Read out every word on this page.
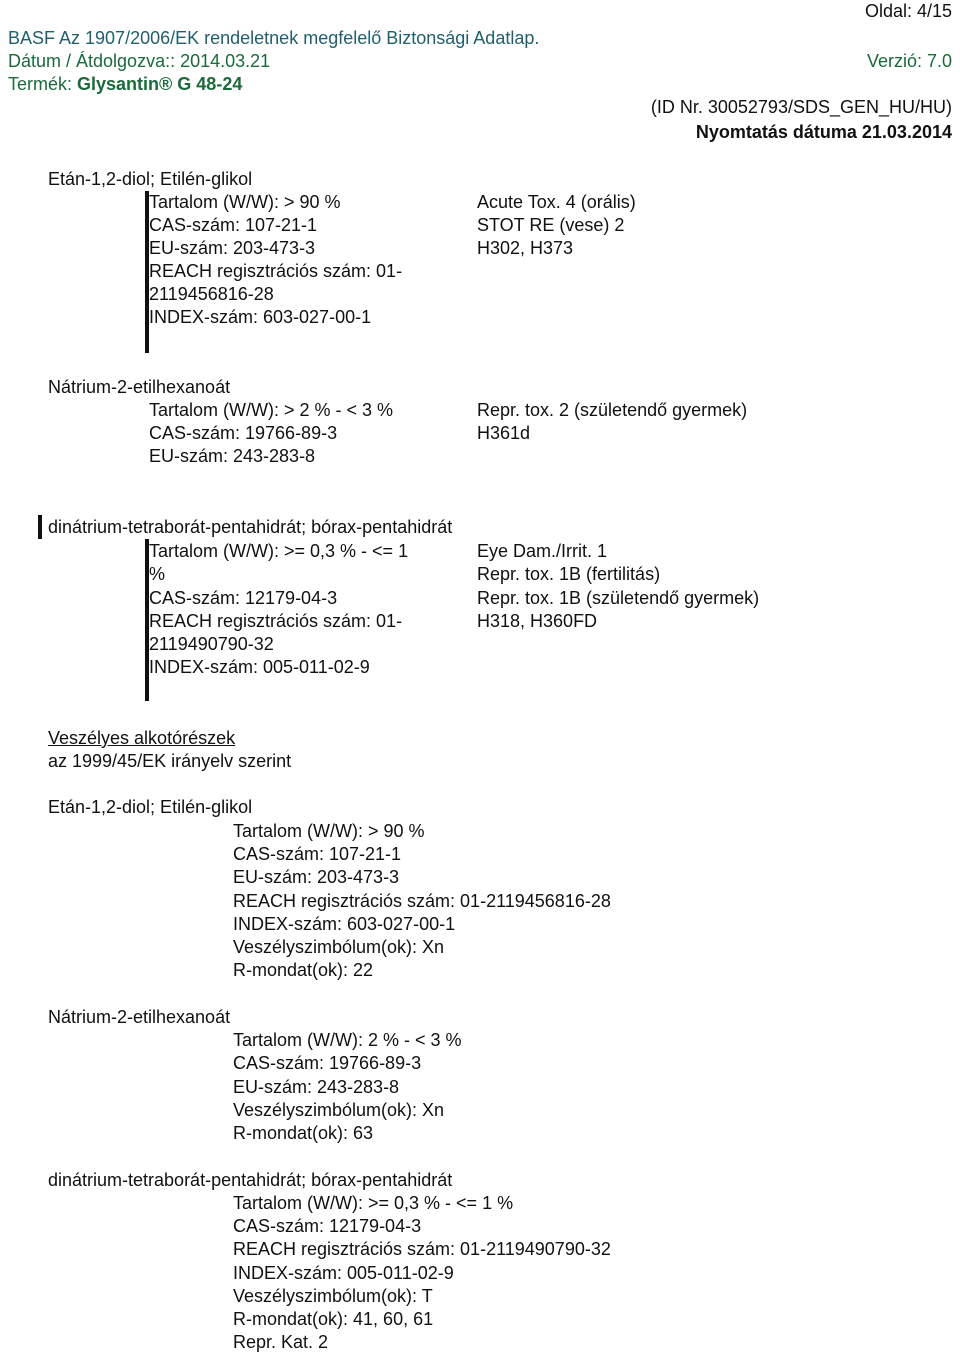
Oldal: 4/15
BASF Az 1907/2006/EK rendeletnek megfelelő Biztonsági Adatlap.
Dátum / Átdolgozva:: 2014.03.21	Verzió: 7.0
Termék: Glysantin® G 48-24
(ID Nr. 30052793/SDS_GEN_HU/HU)
Nyomtatás dátuma 21.03.2014
Etán-1,2-diol; Etilén-glikol
Tartalom (W/W): > 90 %
CAS-szám: 107-21-1
EU-szám: 203-473-3
REACH regisztrációs szám: 01-
2119456816-28
INDEX-szám: 603-027-00-1
Acute Tox. 4 (orális)
STOT RE (vese) 2
H302, H373
Nátrium-2-etilhexanoát
Tartalom (W/W): > 2 % - < 3 %
CAS-szám: 19766-89-3
EU-szám: 243-283-8
Repr. tox. 2 (születendő gyermek)
H361d
dinátrium-tetraborát-pentahidrát; bórax-pentahidrát
Tartalom (W/W): >= 0,3 % - <= 1
%
CAS-szám: 12179-04-3
REACH regisztrációs szám: 01-
2119490790-32
INDEX-szám: 005-011-02-9
Eye Dam./Irrit. 1
Repr. tox. 1B (fertilitás)
Repr. tox. 1B (születendő gyermek)
H318, H360FD
Veszélyes alkotórészek
az 1999/45/EK irányelv szerint
Etán-1,2-diol; Etilén-glikol
Tartalom (W/W): > 90 %
CAS-szám: 107-21-1
EU-szám: 203-473-3
REACH regisztrációs szám: 01-2119456816-28
INDEX-szám: 603-027-00-1
Veszélyszimbólum(ok): Xn
R-mondat(ok): 22
Nátrium-2-etilhexanoát
Tartalom (W/W): 2 % - < 3 %
CAS-szám: 19766-89-3
EU-szám: 243-283-8
Veszélyszimbólum(ok): Xn
R-mondat(ok): 63
dinátrium-tetraborát-pentahidrát; bórax-pentahidrát
Tartalom (W/W): >= 0,3 % - <= 1 %
CAS-szám: 12179-04-3
REACH regisztrációs szám: 01-2119490790-32
INDEX-szám: 005-011-02-9
Veszélyszimbólum(ok): T
R-mondat(ok): 41, 60, 61
Repr. Kat. 2
